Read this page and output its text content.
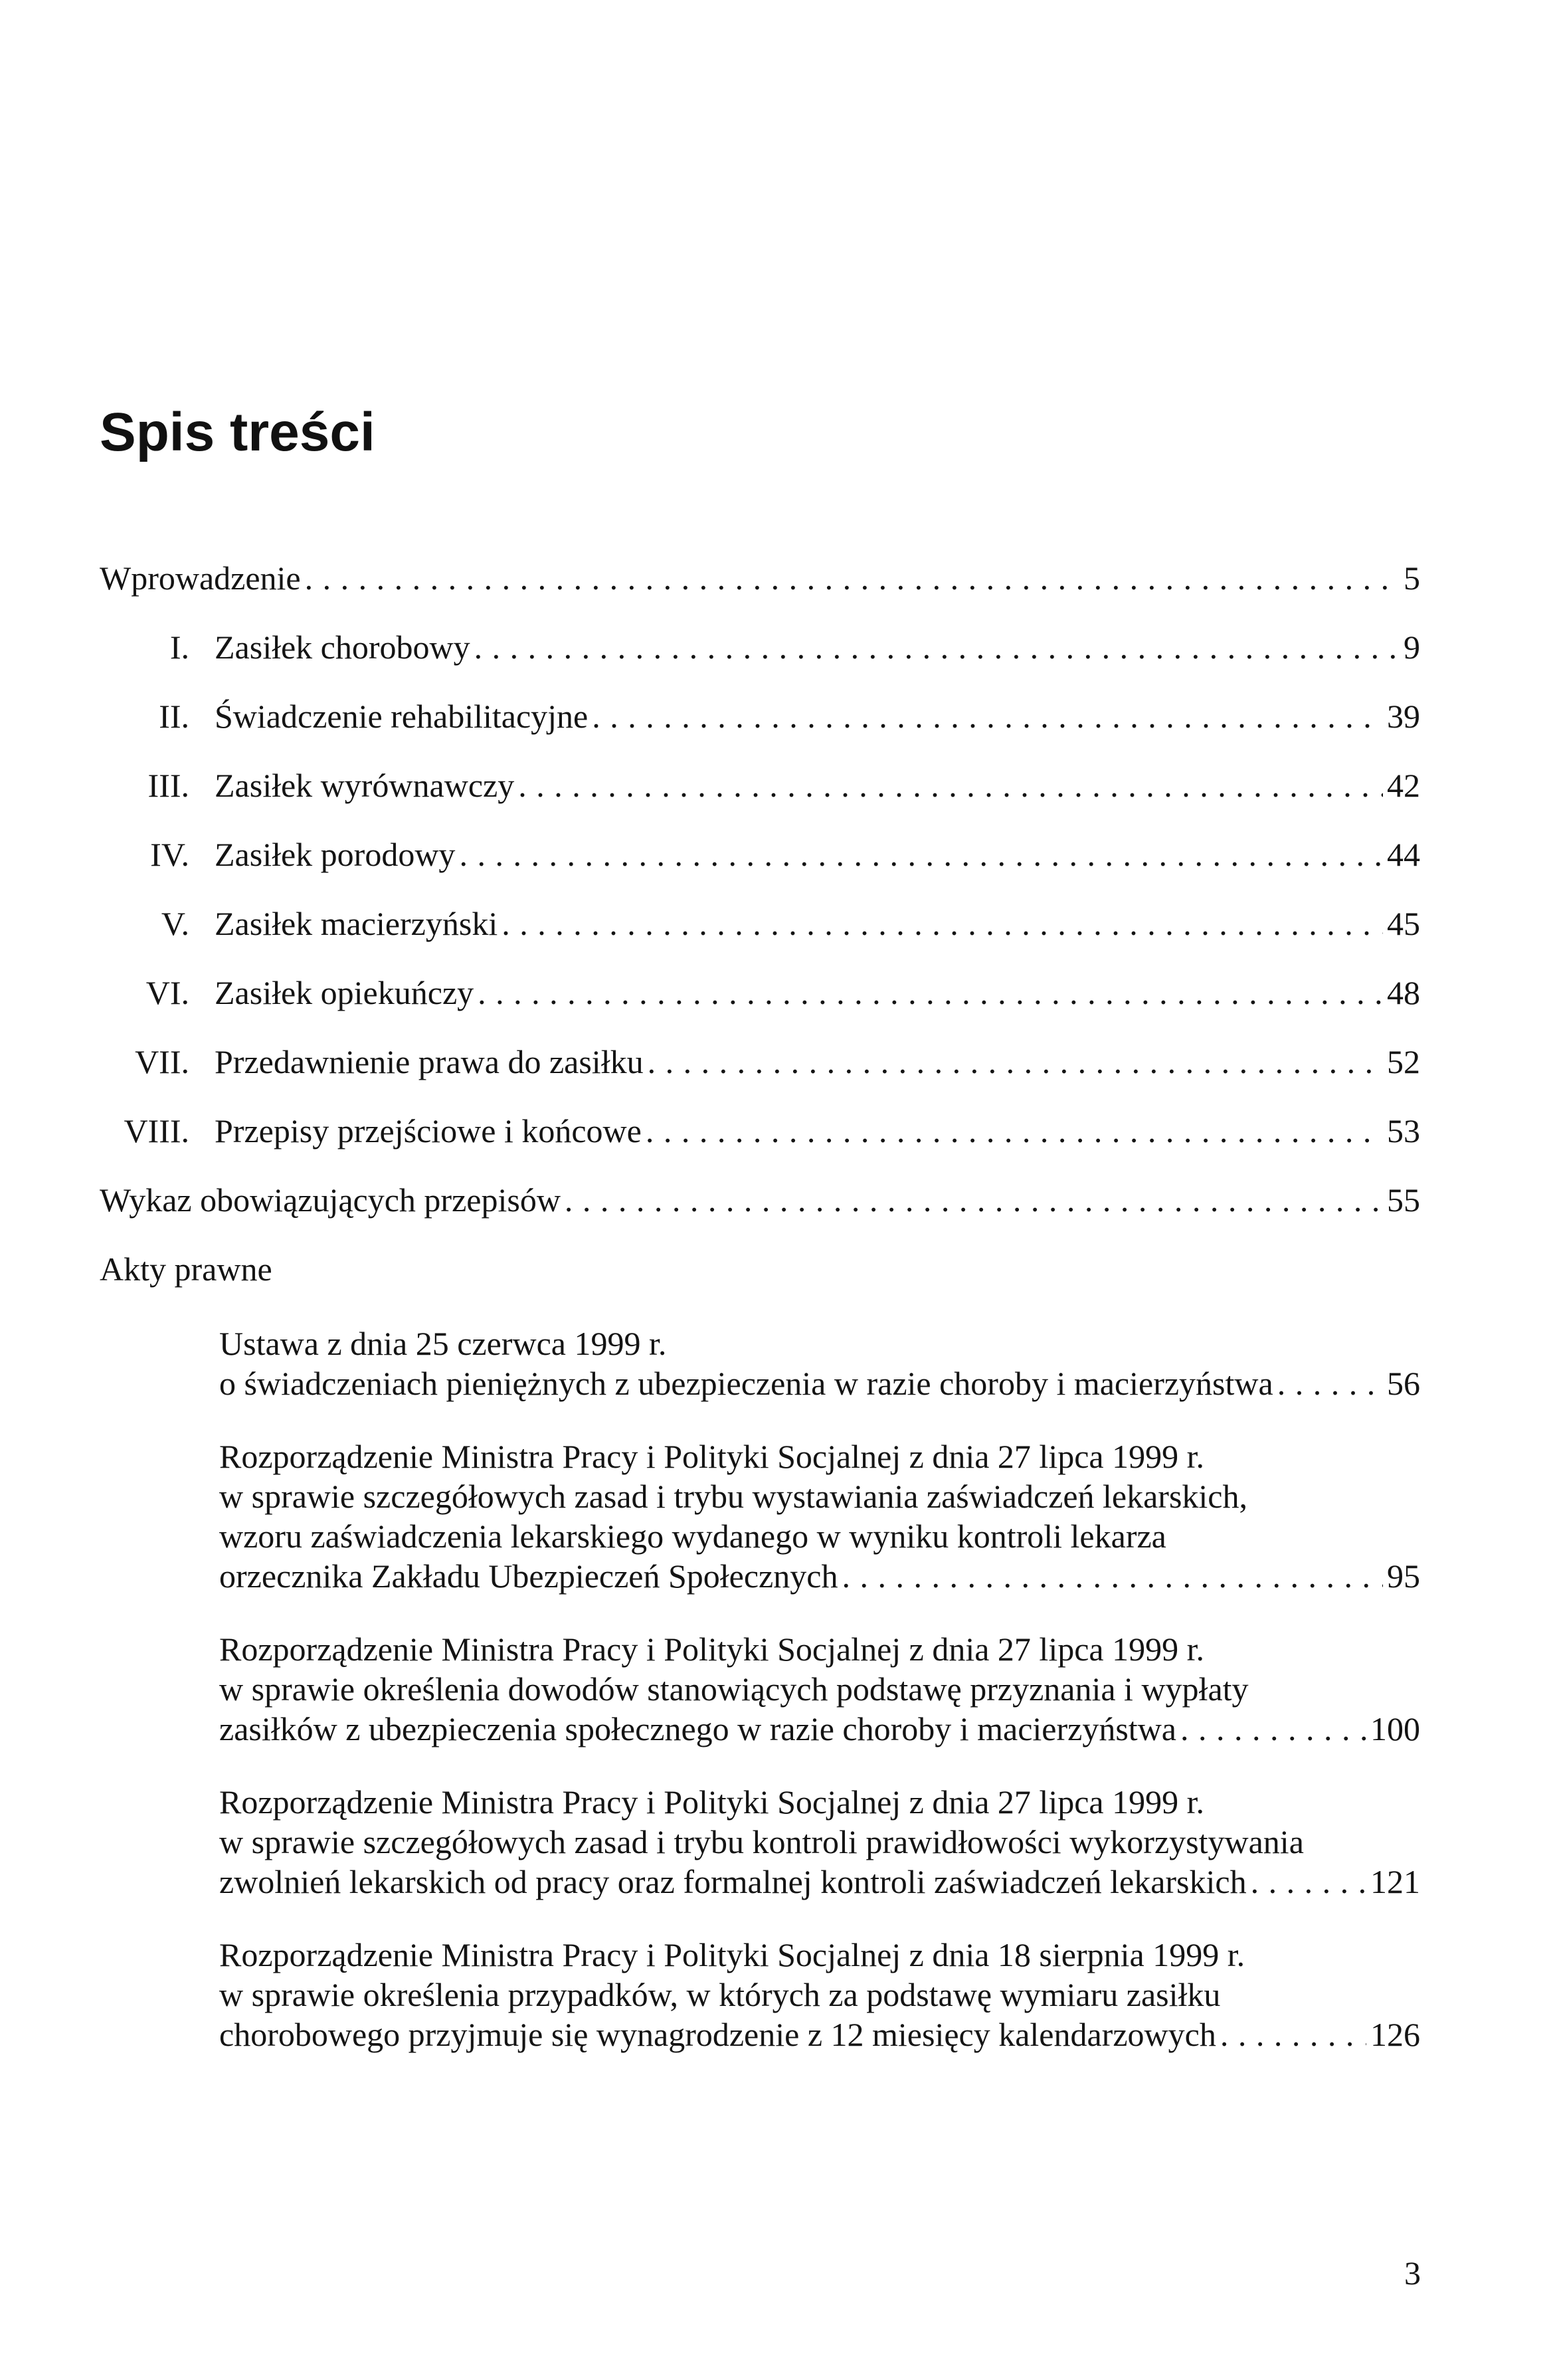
Spis treści
Wprowadzenie . . .	5
I. Zasiłek chorobowy . . .	9
II. Świadczenie rehabilitacyjne . . .	39
III. Zasiłek wyrównawczy . . .	42
IV. Zasiłek porodowy . . .	44
V. Zasiłek macierzyński . . .	45
VI. Zasiłek opiekuńczy . . .	48
VII. Przedawnienie prawa do zasiłku . . .	52
VIII. Przepisy przejściowe i końcowe . . .	53
Wykaz obowiązujących przepisów . . .	55
Akty prawne
Ustawa z dnia 25 czerwca 1999 r.
o świadczeniach pieniężnych z ubezpieczenia w razie choroby i macierzyństwa . . .	56
Rozporządzenie Ministra Pracy i Polityki Socjalnej z dnia 27 lipca 1999 r.
w sprawie szczegółowych zasad i trybu wystawiania zaświadczeń lekarskich,
wzoru zaświadczenia lekarskiego wydanego w wyniku kontroli lekarza
orzecznika Zakładu Ubezpieczeń Społecznych . . .	95
Rozporządzenie Ministra Pracy i Polityki Socjalnej z dnia 27 lipca 1999 r.
w sprawie określenia dowodów stanowiących podstawę przyznania i wypłaty
zasiłków z ubezpieczenia społecznego w razie choroby i macierzyństwa . . .	100
Rozporządzenie Ministra Pracy i Polityki Socjalnej z dnia 27 lipca 1999 r.
w sprawie szczegółowych zasad i trybu kontroli prawidłowości wykorzystywania
zwolnień lekarskich od pracy oraz formalnej kontroli zaświadczeń lekarskich . . .	121
Rozporządzenie Ministra Pracy i Polityki Socjalnej z dnia 18 sierpnia 1999 r.
w sprawie określenia przypadków, w których za podstawę wymiaru zasiłku
chorobowego przyjmuje się wynagrodzenie z 12 miesięcy kalendarzowych . . .	126
3
